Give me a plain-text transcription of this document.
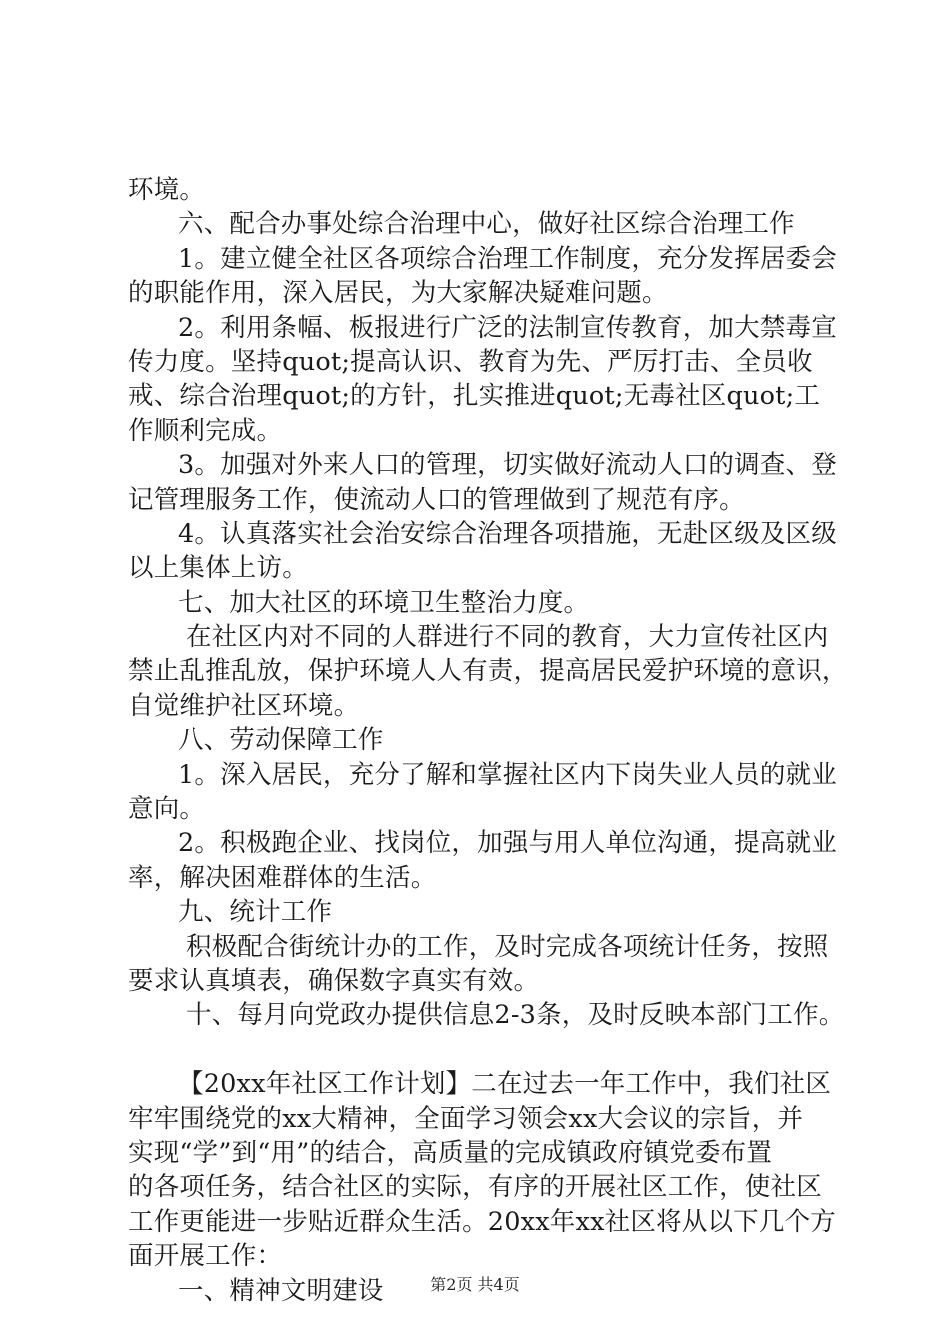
环境。
六、配合办事处综合治理中心，做好社区综合治理工作
1。建立健全社区各项综合治理工作制度，充分发挥居委会
的职能作用，深入居民，为大家解决疑难问题。
2。利用条幅、板报进行广泛的法制宣传教育，加大禁毒宣
传力度。坚持quot;提高认识、教育为先、严厉打击、全员收
戒、综合治理quot;的方针，扎实推进quot;无毒社区quot;工
作顺利完成。
3。加强对外来人口的管理，切实做好流动人口的调查、登
记管理服务工作，使流动人口的管理做到了规范有序。
4。认真落实社会治安综合治理各项措施，无赴区级及区级
以上集体上访。
七、加大社区的环境卫生整治力度。
在社区内对不同的人群进行不同的教育，大力宣传社区内
禁止乱推乱放，保护环境人人有责，提高居民爱护环境的意识，
自觉维护社区环境。
八、劳动保障工作
1。深入居民，充分了解和掌握社区内下岗失业人员的就业
意向。
2。积极跑企业、找岗位，加强与用人单位沟通，提高就业
率，解决困难群体的生活。
九、统计工作
积极配合街统计办的工作，及时完成各项统计任务，按照
要求认真填表，确保数字真实有效。
十、每月向党政办提供信息2-3条，及时反映本部门工作。
【20xx年社区工作计划】二在过去一年工作中，我们社区
牢牢围绕党的xx大精神，全面学习领会xx大会议的宗旨，并
实现“学”到“用”的结合，高质量的完成镇政府镇党委布置
的各项任务，结合社区的实际，有序的开展社区工作，使社区
工作更能进一步贴近群众生活。20xx年xx社区将从以下几个方
面开展工作：
一、精神文明建设	第2页 共4页
